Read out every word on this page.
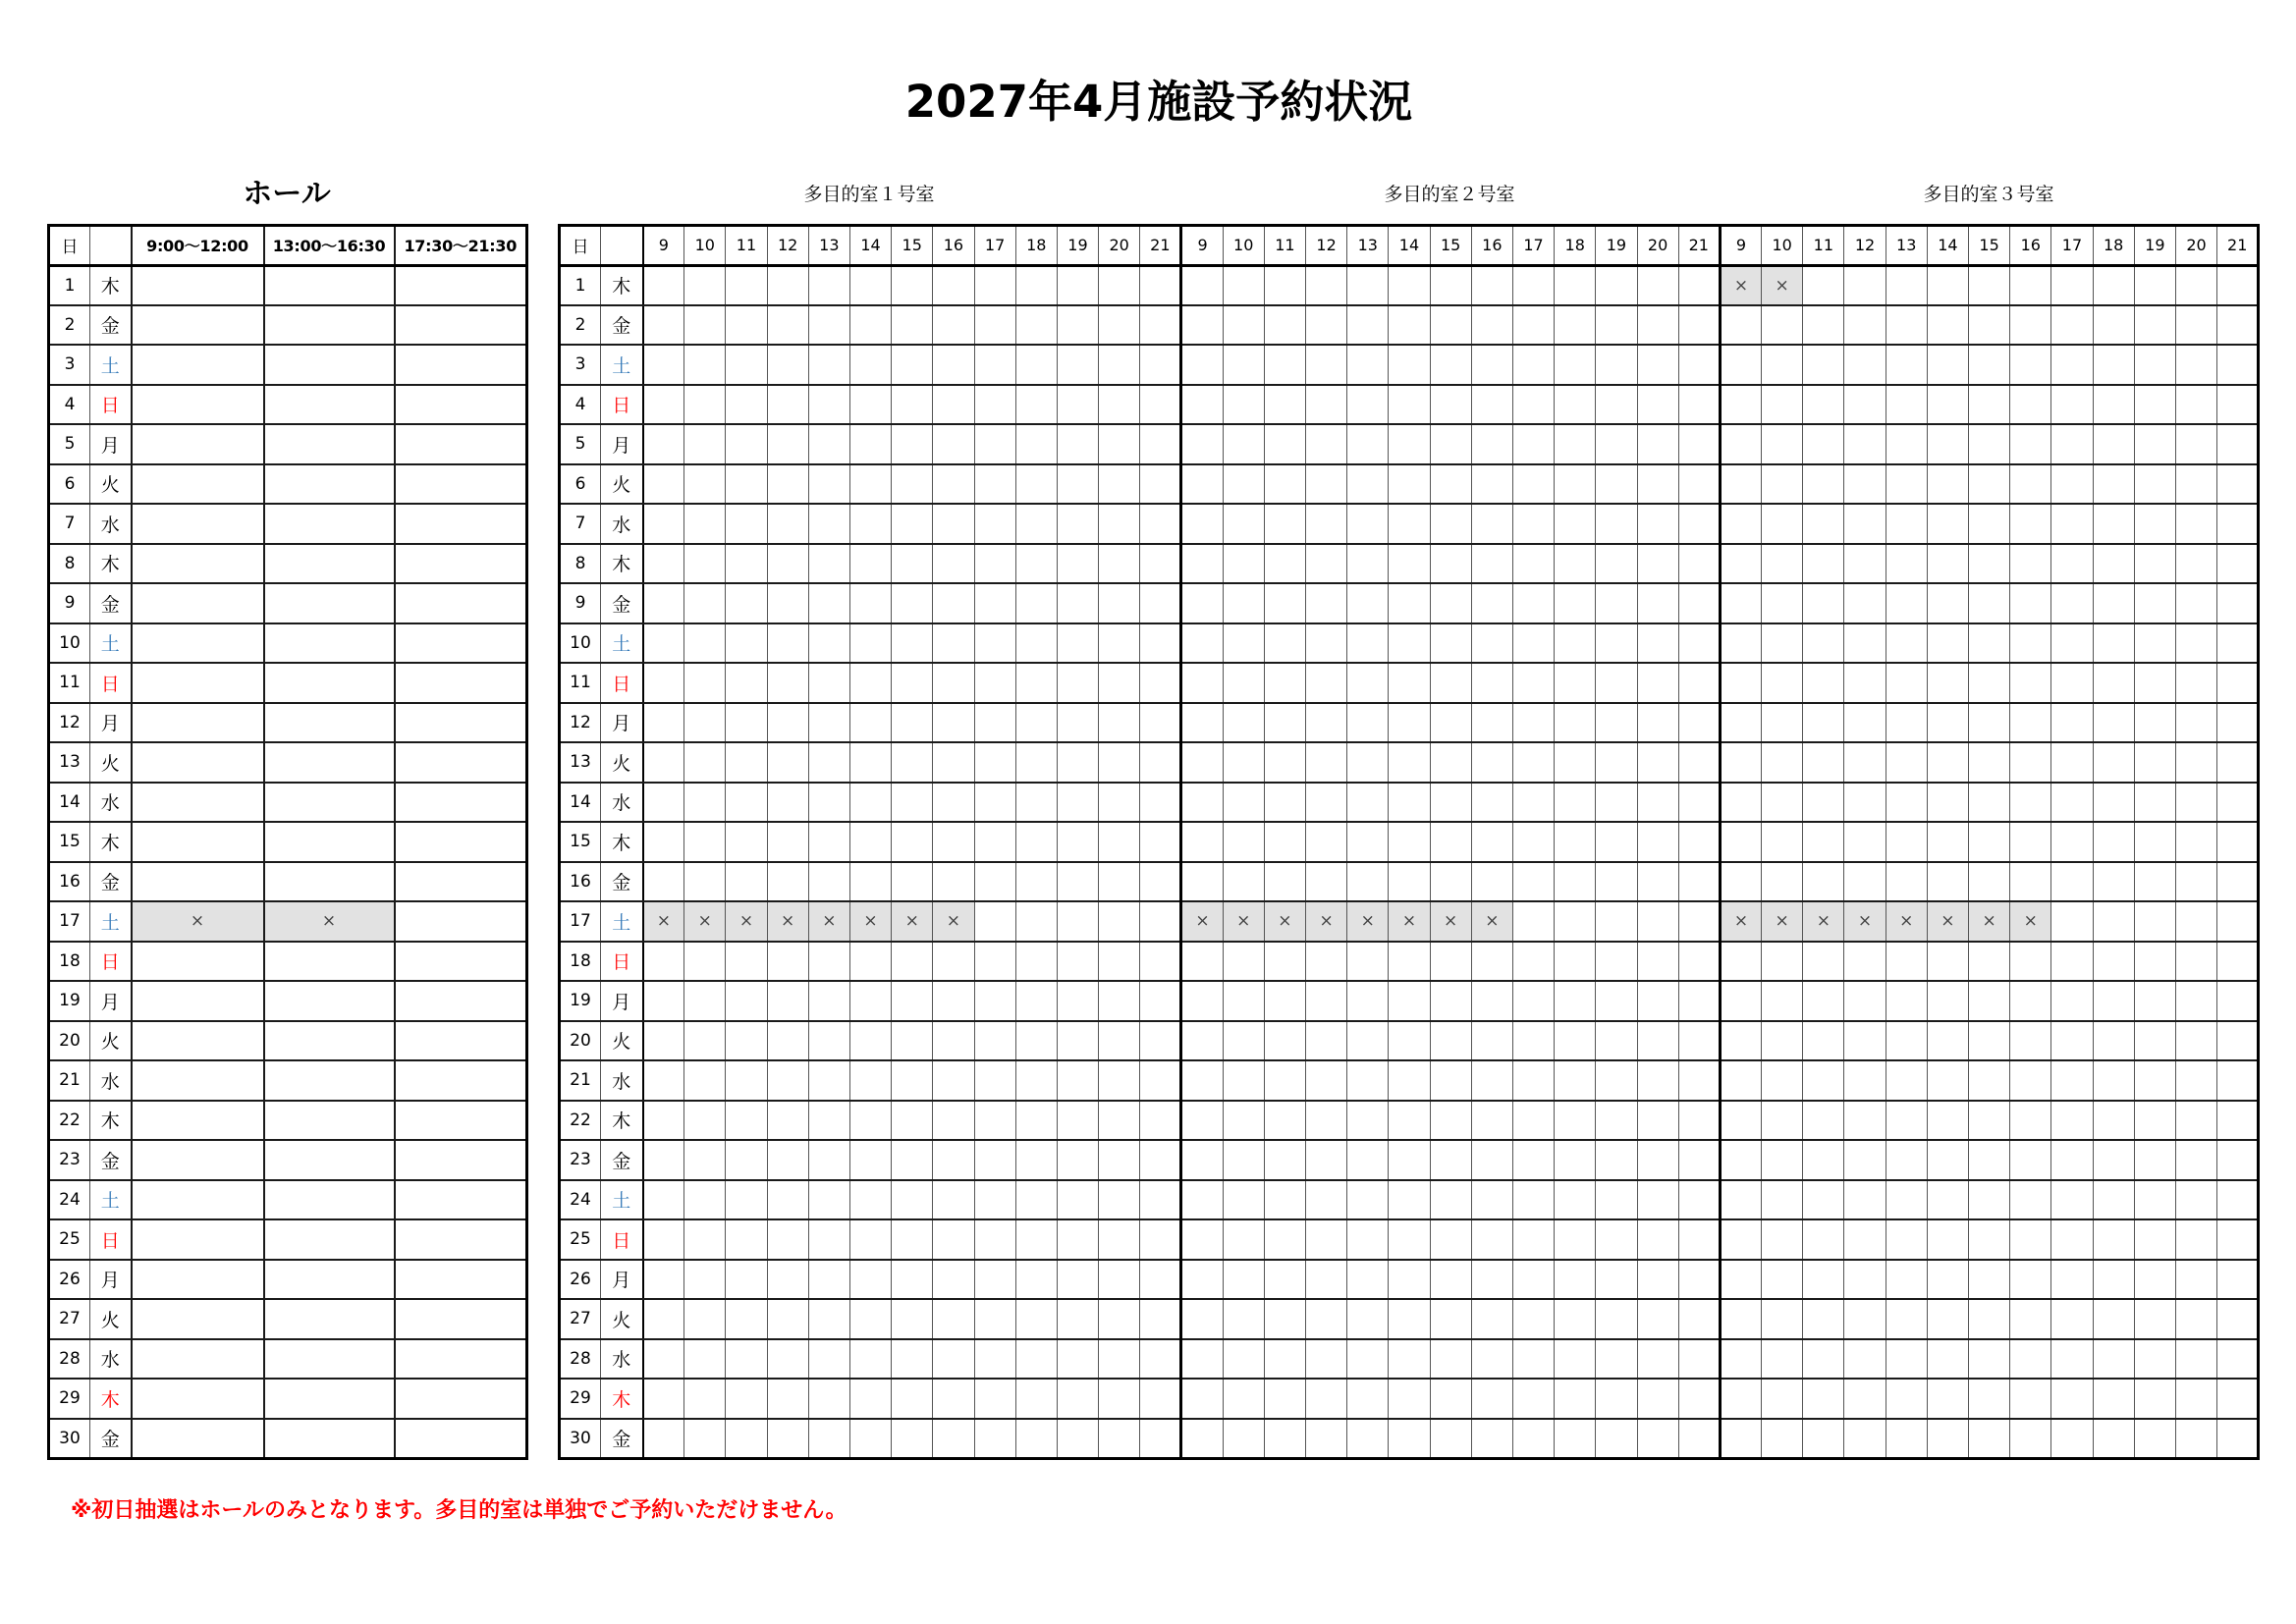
2027年4月施設予約状況
ホール	多目的室１号室	多目的室２号室	多目的室３号室
日		9:00～12:00	13:00～16:30	17:30～21:30
1	木			
2	金			
3	土			
4	日			
5	月			
6	火			
7	水			
8	木			
9	金			
10	土			
11	日			
12	月			
13	火			
14	水			
15	木			
16	金			
17	土	×	×	
18	日			
19	月			
20	火			
21	水			
22	木			
23	金			
24	土			
25	日			
26	月			
27	火			
28	水			
29	木			
30	金			
日		9	10	11	12	13	14	15	16	17	18	19	20	21	9	10	11	12	13	14	15	16	17	18	19	20	21	9	10	11	12	13	14	15	16	17	18	19	20	21
1	木																											×	×											
2	金																																							
3	土																																							
4	日																																							
5	月																																							
6	火																																							
7	水																																							
8	木																																							
9	金																																							
10	土																																							
11	日																																							
12	月																																							
13	火																																							
14	水																																							
15	木																																							
16	金																																							
17	土	×	×	×	×	×	×	×	×						×	×	×	×	×	×	×	×						×	×	×	×	×	×	×	×					
18	日																																							
19	月																																							
20	火																																							
21	水																																							
22	木																																							
23	金																																							
24	土																																							
25	日																																							
26	月																																							
27	火																																							
28	水																																							
29	木																																							
30	金																																							
※初日抽選はホールのみとなります。多目的室は単独でご予約いただけません。
